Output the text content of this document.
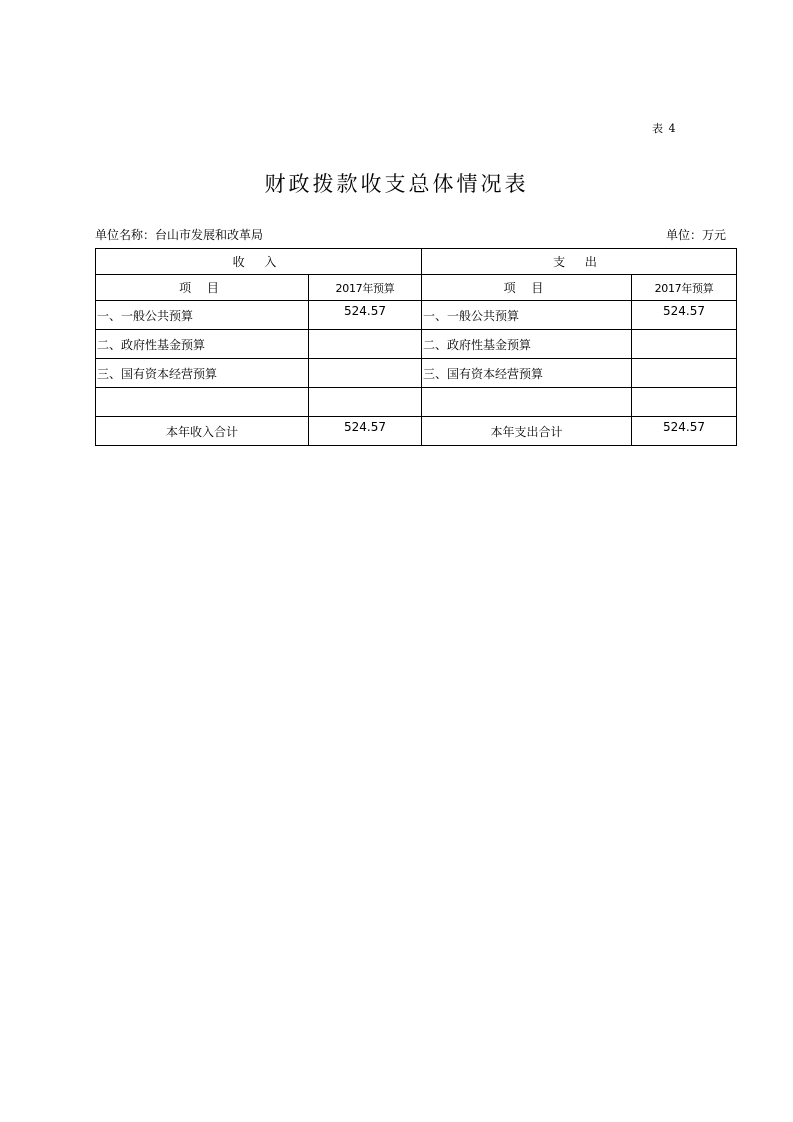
表 4
财政拨款收支总体情况表
单位名称：台山市发展和改革局	单位：万元
收 入		支 出	
项 目	2017年预算	项 目	2017年预算
一、一般公共预算	524.57	一、一般公共预算	524.57
二、政府性基金预算		二、政府性基金预算	
三、国有资本经营预算		三、国有资本经营预算	

本年收入合计	524.57	本年支出合计	524.57
